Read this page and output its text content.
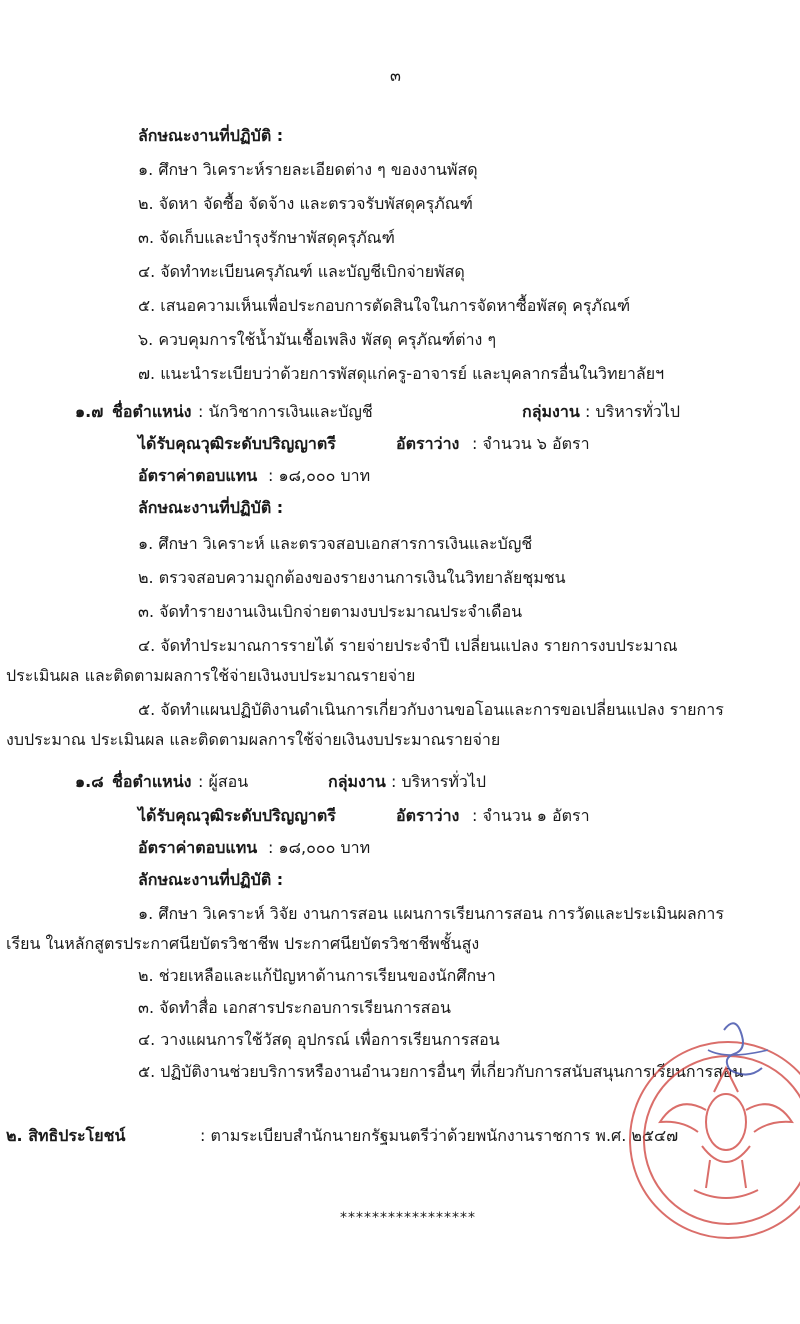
๓
ลักษณะงานที่ปฏิบัติ :
๑. ศึกษา วิเคราะห์รายละเอียดต่าง ๆ ของงานพัสดุ
๒. จัดหา จัดซื้อ จัดจ้าง และตรวจรับพัสดุครุภัณฑ์
๓. จัดเก็บและบำรุงรักษาพัสดุครุภัณฑ์
๔. จัดทำทะเบียนครุภัณฑ์ และบัญชีเบิกจ่ายพัสดุ
๕. เสนอความเห็นเพื่อประกอบการตัดสินใจในการจัดหาซื้อพัสดุ ครุภัณฑ์
๖. ควบคุมการใช้น้ำมันเชื้อเพลิง พัสดุ ครุภัณฑ์ต่าง ๆ
๗. แนะนำระเบียบว่าด้วยการพัสดุแก่ครู-อาจารย์ และบุคลากรอื่นในวิทยาลัยฯ
๑.๗ ชื่อตำแหน่ง : นักวิชาการเงินและบัญชี	กลุ่มงาน : บริหารทั่วไป
ได้รับคุณวุฒิระดับปริญญาตรี	อัตราว่าง : จำนวน ๖ อัตรา
อัตราค่าตอบแทน : ๑๘,๐๐๐ บาท
ลักษณะงานที่ปฏิบัติ :
๑. ศึกษา วิเคราะห์ และตรวจสอบเอกสารการเงินและบัญชี
๒. ตรวจสอบความถูกต้องของรายงานการเงินในวิทยาลัยชุมชน
๓. จัดทำรายงานเงินเบิกจ่ายตามงบประมาณประจำเดือน
๔. จัดทำประมาณการรายได้ รายจ่ายประจำปี เปลี่ยนแปลง รายการงบประมาณ
ประเมินผล และติดตามผลการใช้จ่ายเงินงบประมาณรายจ่าย
๕. จัดทำแผนปฏิบัติงานดำเนินการเกี่ยวกับงานขอโอนและการขอเปลี่ยนแปลง รายการ
งบประมาณ ประเมินผล และติดตามผลการใช้จ่ายเงินงบประมาณรายจ่าย
๑.๘ ชื่อตำแหน่ง : ผู้สอน	กลุ่มงาน : บริหารทั่วไป
ได้รับคุณวุฒิระดับปริญญาตรี	อัตราว่าง : จำนวน ๑ อัตรา
อัตราค่าตอบแทน : ๑๘,๐๐๐ บาท
ลักษณะงานที่ปฏิบัติ :
๑. ศึกษา วิเคราะห์ วิจัย งานการสอน แผนการเรียนการสอน การวัดและประเมินผลการ
เรียน ในหลักสูตรประกาศนียบัตรวิชาชีพ ประกาศนียบัตรวิชาชีพชั้นสูง
๒. ช่วยเหลือและแก้ปัญหาด้านการเรียนของนักศึกษา
๓. จัดทำสื่อ เอกสารประกอบการเรียนการสอน
๔. วางแผนการใช้วัสดุ อุปกรณ์ เพื่อการเรียนการสอน
๕. ปฏิบัติงานช่วยบริการหรืองานอำนวยการอื่นๆ ที่เกี่ยวกับการสนับสนุนการเรียนการสอน
๒. สิทธิประโยชน์	: ตามระเบียบสำนักนายกรัฐมนตรีว่าด้วยพนักงานราชการ พ.ศ. ๒๕๔๗
*****************
